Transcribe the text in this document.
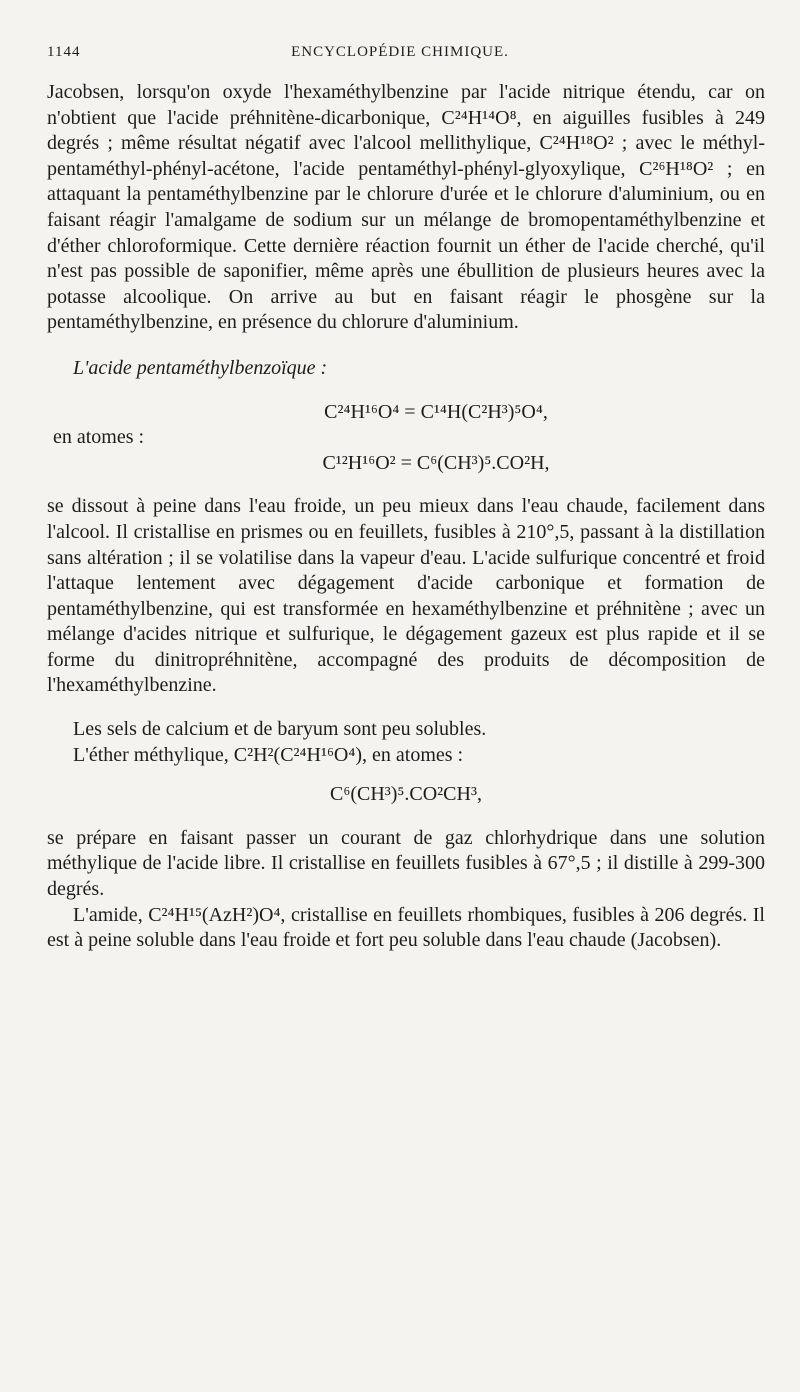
1144	ENCYCLOPÉDIE CHIMIQUE.

Jacobsen, lorsqu'on oxyde l'hexaméthylbenzine par l'acide nitrique étendu, car on n'obtient que l'acide préhnitène-dicarbonique, C²⁴H¹⁴O⁸, en aiguilles fusibles à 249 degrés ; même résultat négatif avec l'alcool mellithylique, C²⁴H¹⁸O² ; avec le méthyl-pentaméthyl-phényl-acétone, l'acide pentaméthyl-phényl-glyoxylique, C²⁶H¹⁸O² ; en attaquant la pentaméthylbenzine par le chlorure d'urée et le chlorure d'aluminium, ou en faisant réagir l'amalgame de sodium sur un mélange de bromopentaméthylbenzine et d'éther chloroformique. Cette dernière réaction fournit un éther de l'acide cherché, qu'il n'est pas possible de saponifier, même après une ébullition de plusieurs heures avec la potasse alcoolique. On arrive au but en faisant réagir le phosgène sur la pentaméthylbenzine, en présence du chlorure d'aluminium.

L'acide pentaméthylbenzoïque :

C²⁴H¹⁶O⁴ = C¹⁴H(C²H³)⁵O⁴,

en atomes :

C¹²H¹⁶O² = C⁶(CH³)⁵.CO²H,

se dissout à peine dans l'eau froide, un peu mieux dans l'eau chaude, facilement dans l'alcool. Il cristallise en prismes ou en feuillets, fusibles à 210°,5, passant à la distillation sans altération ; il se volatilise dans la vapeur d'eau. L'acide sulfurique concentré et froid l'attaque lentement avec dégagement d'acide carbonique et formation de pentaméthylbenzine, qui est transformée en hexaméthylbenzine et préhnitène ; avec un mélange d'acides nitrique et sulfurique, le dégagement gazeux est plus rapide et il se forme du dinitropréhnitène, accompagné des produits de décomposition de l'hexaméthylbenzine.

Les sels de calcium et de baryum sont peu solubles.

L'éther méthylique, C²H²(C²⁴H¹⁶O⁴), en atomes :

C⁶(CH³)⁵.CO²CH³,

se prépare en faisant passer un courant de gaz chlorhydrique dans une solution méthylique de l'acide libre. Il cristallise en feuillets fusibles à 67°,5 ; il distille à 299-300 degrés.

L'amide, C²⁴H¹⁵(AzH²)O⁴, cristallise en feuillets rhombiques, fusibles à 206 degrés. Il est à peine soluble dans l'eau froide et fort peu soluble dans l'eau chaude (Jacobsen).
